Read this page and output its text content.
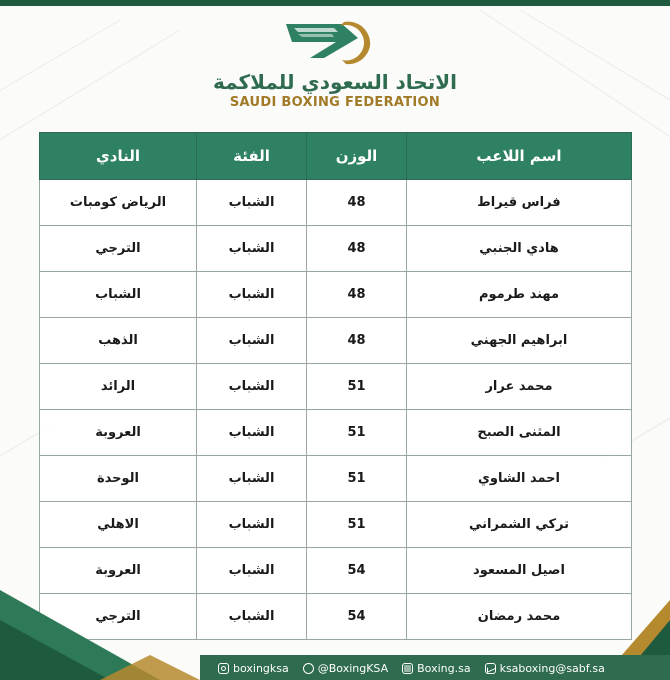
الاتحاد السعودي للملاكمة
SAUDI BOXING FEDERATION
اسم اللاعب	الوزن	الفئة	النادي
فراس قيراط	48	الشباب	الرياض كومبات
هادي الجنبي	48	الشباب	الترجي
مهند طرموم	48	الشباب	الشباب
ابراهيم الجهني	48	الشباب	الذهب
محمد عرار	51	الشباب	الرائد
المثنى الصبح	51	الشباب	العروبة
احمد الشاوي	51	الشباب	الوحدة
تركي الشمراني	51	الشباب	الاهلي
اصيل المسعود	54	الشباب	العروبة
محمد رمضان	54	الشباب	الترجي
boxingksa	@BoxingKSA	Boxing.sa	ksaboxing@sabf.sa
